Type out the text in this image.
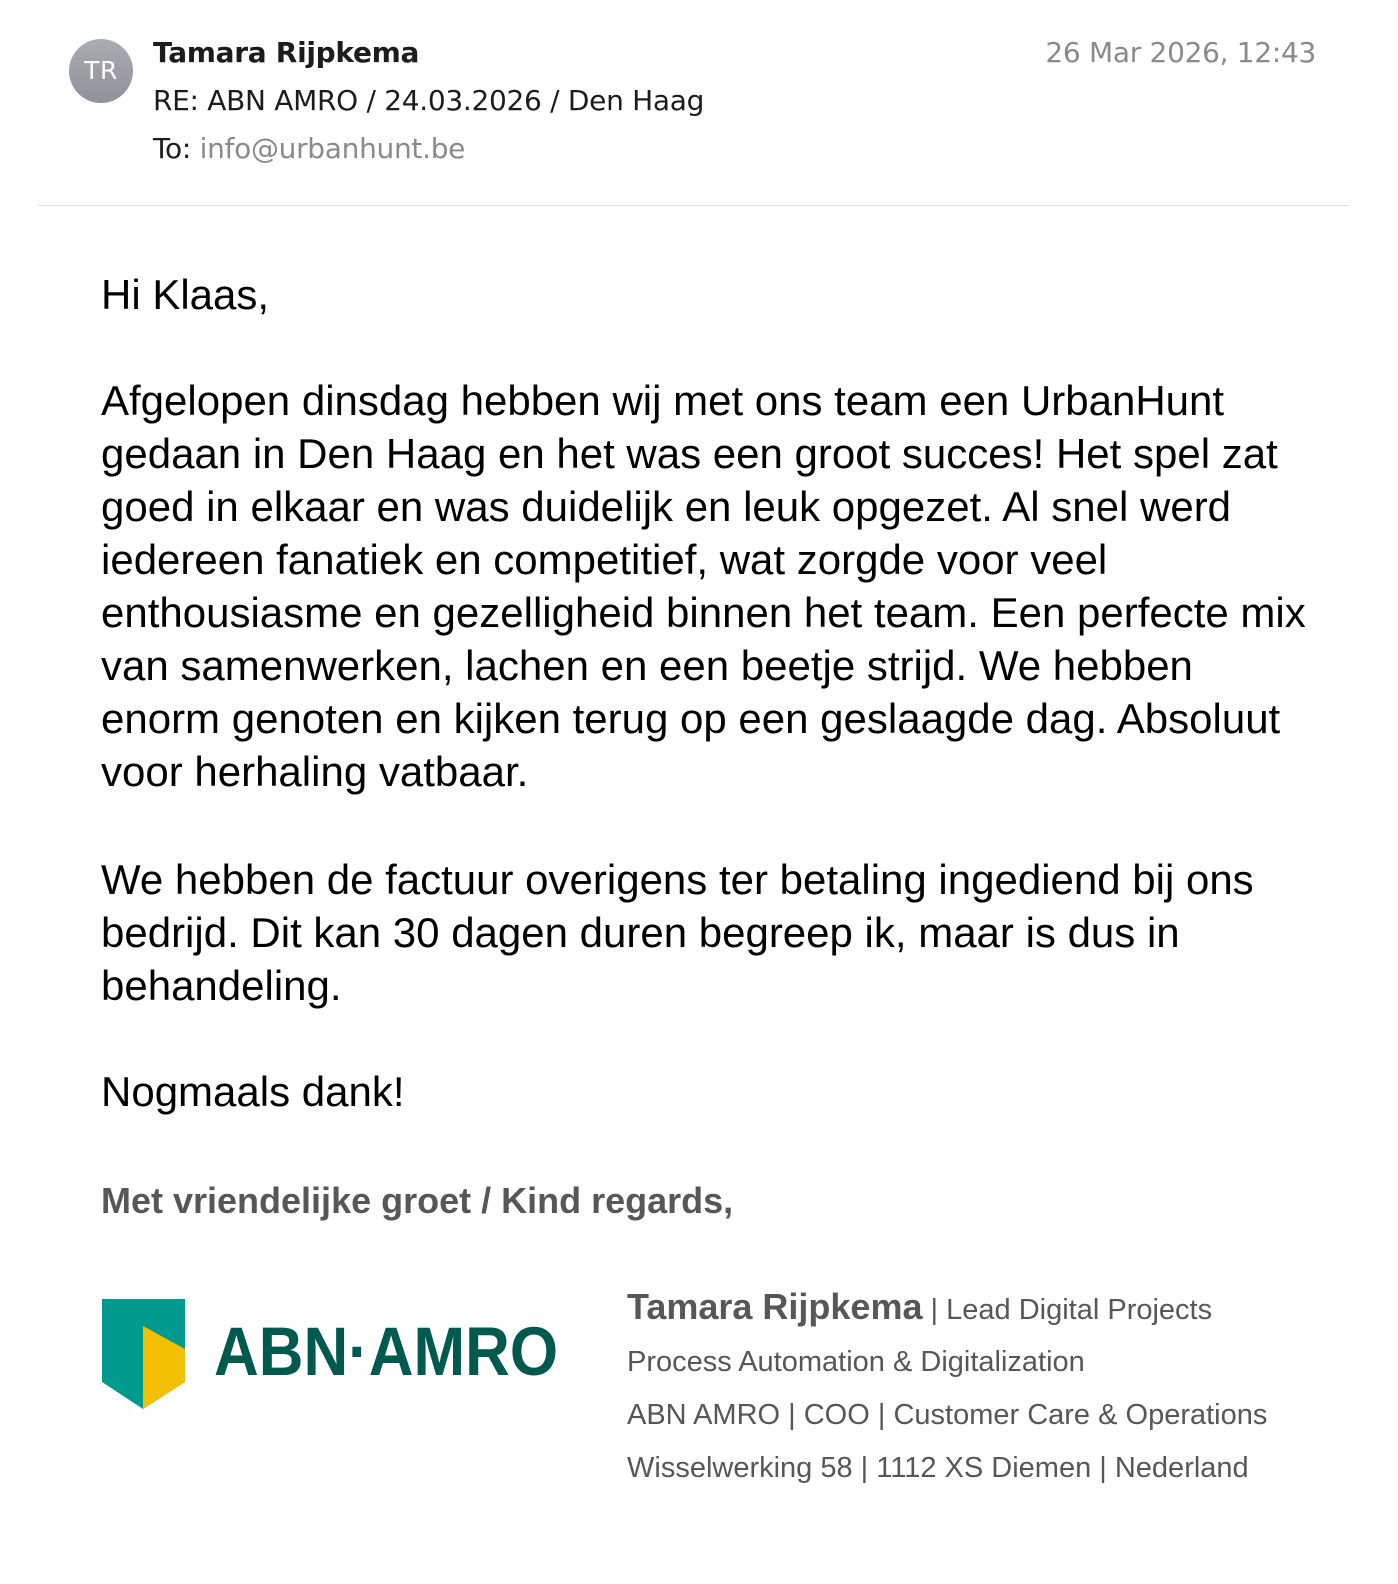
TR
Tamara Rijpkema
RE: ABN AMRO / 24.03.2026 / Den Haag
To: info@urbanhunt.be
26 Mar 2026, 12:43

Hi Klaas,

Afgelopen dinsdag hebben wij met ons team een UrbanHunt gedaan in Den Haag en het was een groot succes! Het spel zat goed in elkaar en was duidelijk en leuk opgezet. Al snel werd iedereen fanatiek en competitief, wat zorgde voor veel enthousiasme en gezelligheid binnen het team. Een perfecte mix van samenwerken, lachen en een beetje strijd. We hebben enorm genoten en kijken terug op een geslaagde dag. Absoluut voor herhaling vatbaar.

We hebben de factuur overigens ter betaling ingediend bij ons bedrijd. Dit kan 30 dagen duren begreep ik, maar is dus in behandeling.

Nogmaals dank!

Met vriendelijke groet / Kind regards,
ABN·AMRO
Tamara Rijpkema | Lead Digital Projects
Process Automation & Digitalization
ABN AMRO | COO | Customer Care & Operations
Wisselwerking 58 | 1112 XS Diemen | Nederland
